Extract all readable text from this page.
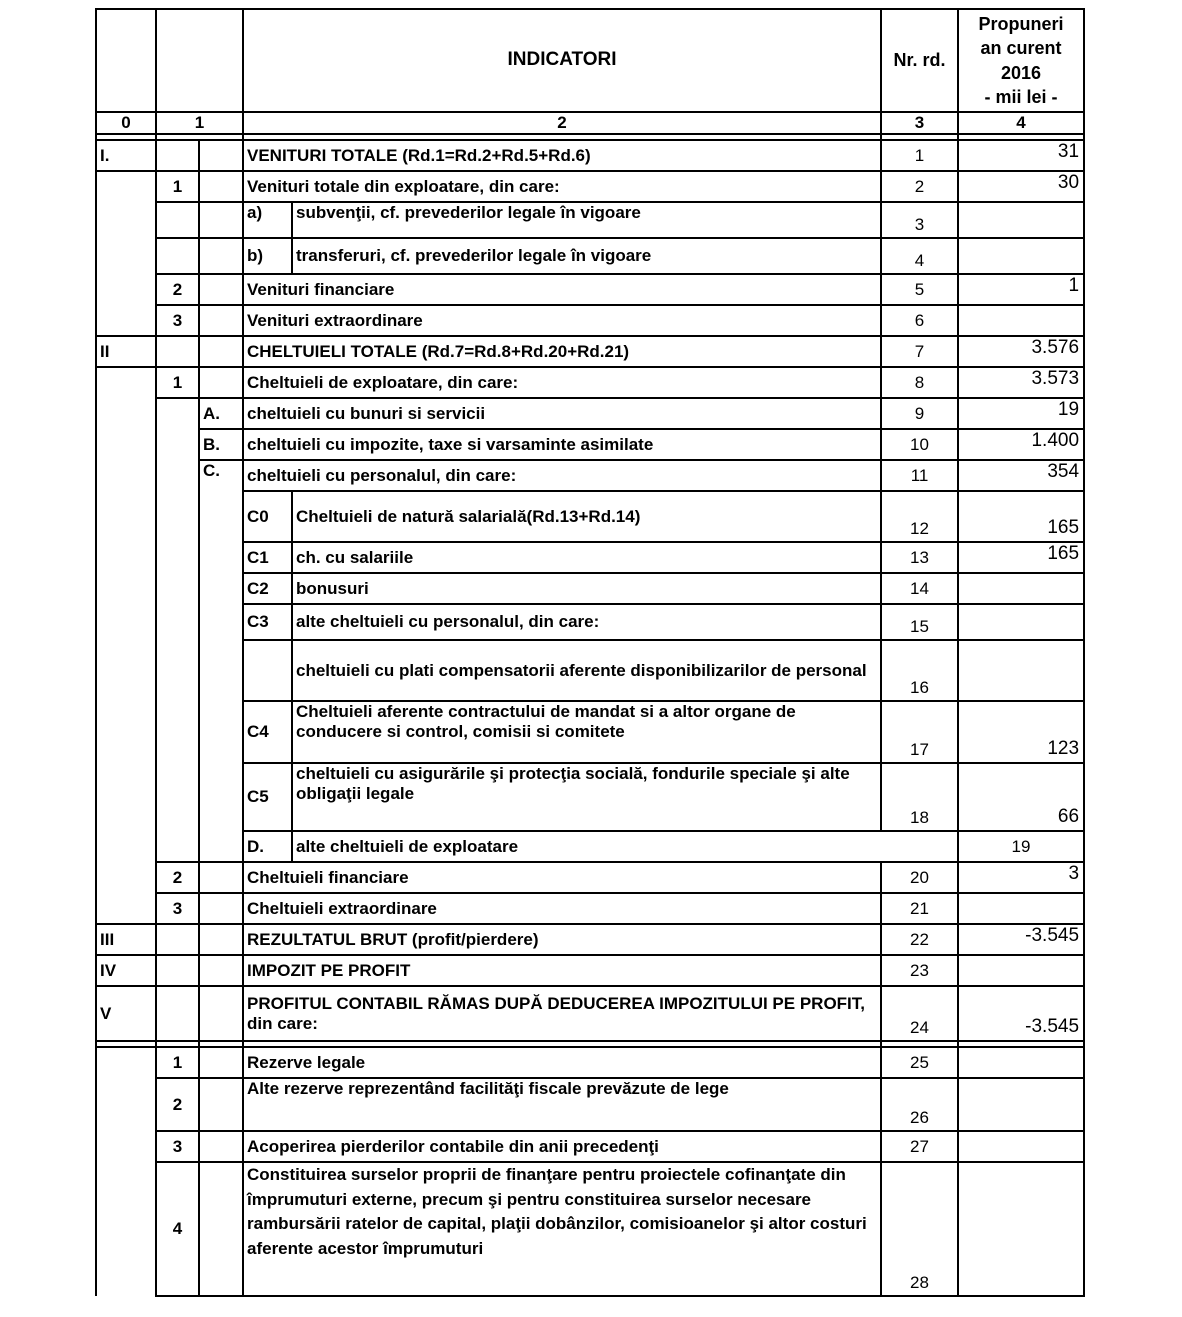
			INDICATORI		Nr. rd.	Propuneri
an curent
2016
- mii lei -	

0	1		2		3	4	

I.			VENITURI TOTALE (Rd.1=Rd.2+Rd.5+Rd.6)		1	31	
	1		Venituri totale din exploatare, din care:		2	30	
			a)	subvenţii, cf. prevederilor legale în vigoare	3		
			b)	transferuri, cf. prevederilor legale în vigoare	4		
	2		Venituri financiare		5	1	
	3		Venituri extraordinare		6		
II			CHELTUIELI TOTALE (Rd.7=Rd.8+Rd.20+Rd.21)		7	3.576	
	1		Cheltuieli de exploatare, din care:		8	3.573	
		A.	cheltuieli cu bunuri si servicii		9	19	
		B.	cheltuieli cu impozite, taxe si varsaminte asimilate		10	1.400	
		C.	cheltuieli cu personalul, din care:		11	354	
			C0	Cheltuieli de natură salarială(Rd.13+Rd.14)	12	165	
			C1	ch. cu salariile	13	165	
			C2	bonusuri	14		
			C3	alte cheltuieli cu personalul, din care:	15		
				cheltuieli cu plati compensatorii aferente disponibilizarilor de personal	16		
			C4	Cheltuieli aferente contractului de mandat si a altor organe de conducere si control, comisii si comitete	17	123	
			C5	cheltuieli cu asigurările şi protecţia socială, fondurile speciale şi alte obligaţii legale	18	66	
			D.	alte cheltuieli de exploatare		19	
	2		Cheltuieli financiare		20	3	
	3		Cheltuieli extraordinare		21		
III			REZULTATUL BRUT (profit/pierdere)		22	-3.545	
IV			IMPOZIT PE PROFIT		23		
V			PROFITUL CONTABIL RĂMAS DUPĂ DEDUCEREA IMPOZITULUI PE PROFIT, din care:		24	-3.545	

	1		Rezerve legale		25		
	2		Alte rezerve reprezentând facilităţi fiscale prevăzute de lege		26		
	3		Acoperirea pierderilor contabile din anii precedenţi		27		
	4		Constituirea surselor proprii de finanţare pentru proiectele cofinanţate din împrumuturi externe, precum şi pentru constituirea surselor necesare rambursării ratelor de capital, plaţii dobânzilor, comisioanelor şi altor costuri aferente acestor împrumuturi		28		
